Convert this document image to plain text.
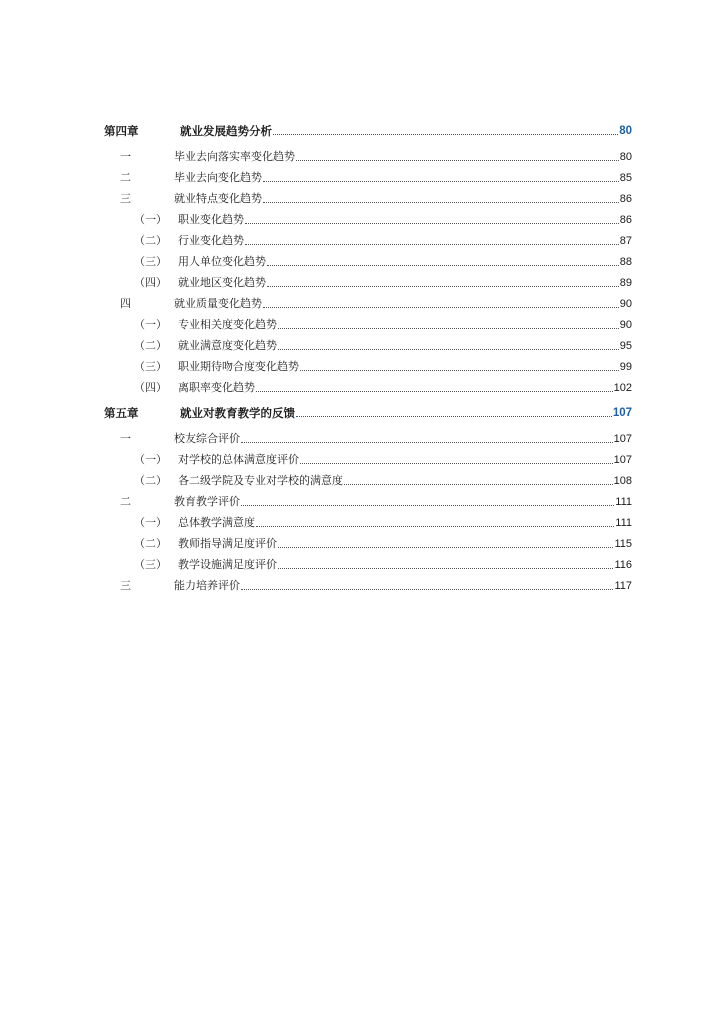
第四章	就业发展趋势分析	80
一	毕业去向落实率变化趋势	80
二	毕业去向变化趋势	85
三	就业特点变化趋势	86
（一）	职业变化趋势	86
（二）	行业变化趋势	87
（三）	用人单位变化趋势	88
（四）	就业地区变化趋势	89
四	就业质量变化趋势	90
（一）	专业相关度变化趋势	90
（二）	就业满意度变化趋势	95
（三）	职业期待吻合度变化趋势	99
（四）	离职率变化趋势	102
第五章	就业对教育教学的反馈	107
一	校友综合评价	107
（一）	对学校的总体满意度评价	107
（二）	各二级学院及专业对学校的满意度	108
二	教育教学评价	111
（一）	总体教学满意度	111
（二）	教师指导满足度评价	115
（三）	教学设施满足度评价	116
三	能力培养评价	117
